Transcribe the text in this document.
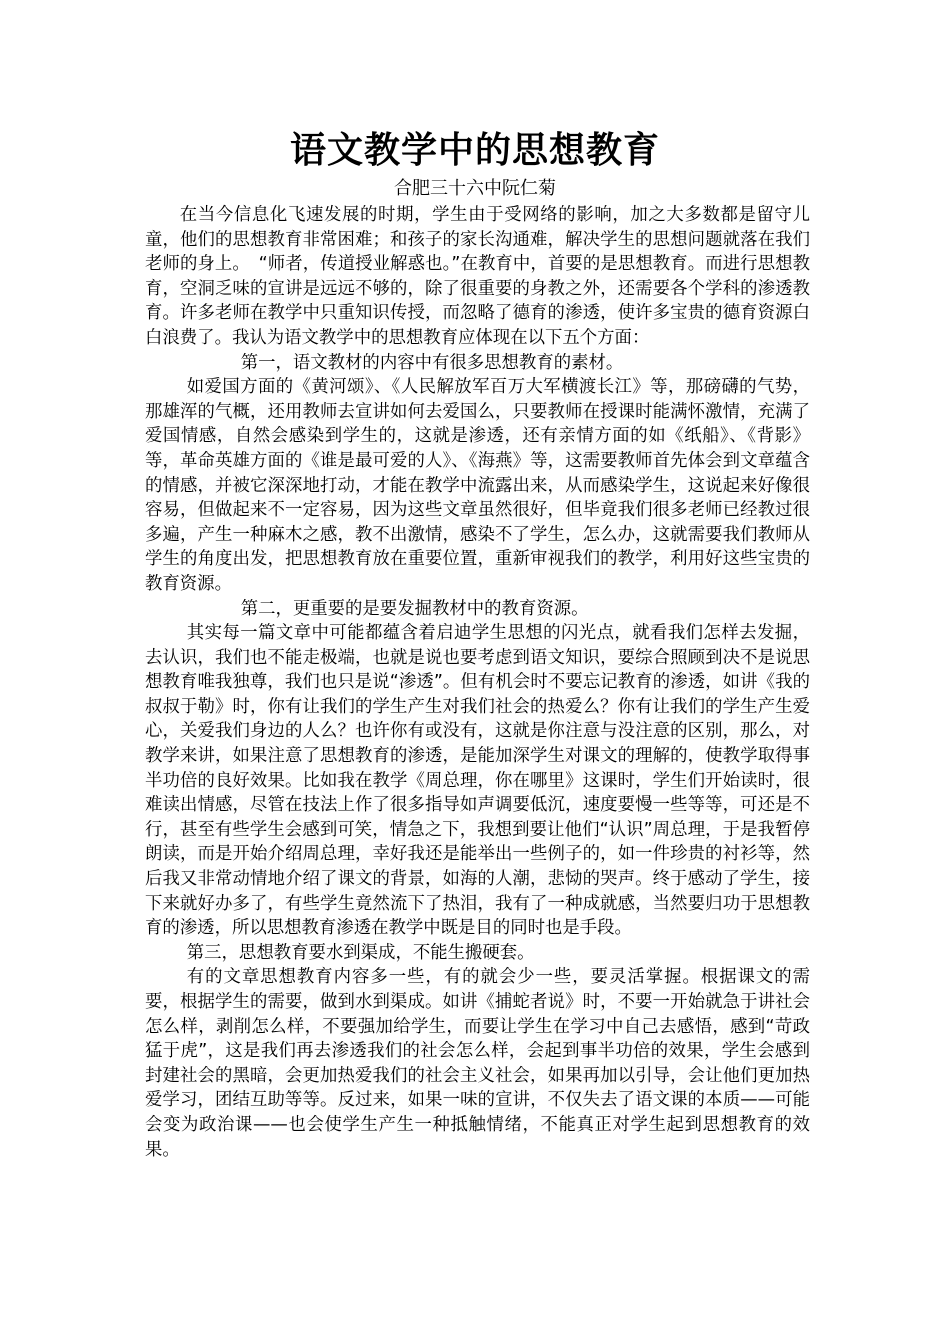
语文教学中的思想教育
合肥三十六中阮仁菊

在当今信息化飞速发展的时期，学生由于受网络的影响，加之大多数都是留守儿童，他们的思想教育非常困难；和孩子的家长沟通难，解决学生的思想问题就落在我们老师的身上。　“师者，传道授业解惑也。”在教育中，首要的是思想教育。而进行思想教育，空洞乏味的宣讲是远远不够的，除了很重要的身教之外，还需要各个学科的渗透教育。许多老师在教学中只重知识传授，而忽略了德育的渗透，使许多宝贵的德育资源白白浪费了。我认为语文教学中的思想教育应体现在以下五个方面：

第一，语文教材的内容中有很多思想教育的素材。

如爱国方面的《黄河颂》、《人民解放军百万大军横渡长江》等，那磅礴的气势，那雄浑的气概，还用教师去宣讲如何去爱国么，只要教师在授课时能满怀激情，充满了爱国情感，自然会感染到学生的，这就是渗透，还有亲情方面的如《纸船》、《背影》等，革命英雄方面的《谁是最可爱的人》、《海燕》等，这需要教师首先体会到文章蕴含的情感，并被它深深地打动，才能在教学中流露出来，从而感染学生，这说起来好像很容易，但做起来不一定容易，因为这些文章虽然很好，但毕竟我们很多老师已经教过很多遍，产生一种麻木之感，教不出激情，感染不了学生，怎么办，这就需要我们教师从学生的角度出发，把思想教育放在重要位置，重新审视我们的教学，利用好这些宝贵的教育资源。

第二，更重要的是要发掘教材中的教育资源。

其实每一篇文章中可能都蕴含着启迪学生思想的闪光点，就看我们怎样去发掘，去认识，我们也不能走极端，也就是说也要考虑到语文知识，要综合照顾到决不是说思想教育唯我独尊，我们也只是说“渗透”。但有机会时不要忘记教育的渗透，如讲《我的叔叔于勒》时，你有让我们的学生产生对我们社会的热爱么？你有让我们的学生产生爱心，关爱我们身边的人么？也许你有或没有，这就是你注意与没注意的区别，那么，对教学来讲，如果注意了思想教育的渗透，是能加深学生对课文的理解的，使教学取得事半功倍的良好效果。比如我在教学《周总理，你在哪里》这课时，学生们开始读时，很难读出情感，尽管在技法上作了很多指导如声调要低沉，速度要慢一些等等，可还是不行，甚至有些学生会感到可笑，情急之下，我想到要让他们“认识”周总理，于是我暂停朗读，而是开始介绍周总理，幸好我还是能举出一些例子的，如一件珍贵的衬衫等，然后我又非常动情地介绍了课文的背景，如海的人潮，悲恸的哭声。终于感动了学生，接下来就好办多了，有些学生竟然流下了热泪，我有了一种成就感，当然要归功于思想教育的渗透，所以思想教育渗透在教学中既是目的同时也是手段。

第三，思想教育要水到渠成，不能生搬硬套。

有的文章思想教育内容多一些，有的就会少一些，要灵活掌握。根据课文的需要，根据学生的需要，做到水到渠成。如讲《捕蛇者说》时，不要一开始就急于讲社会怎么样，剥削怎么样，不要强加给学生，而要让学生在学习中自己去感悟，感到“苛政猛于虎”，这是我们再去渗透我们的社会怎么样，会起到事半功倍的效果，学生会感到封建社会的黑暗，会更加热爱我们的社会主义社会，如果再加以引导，会让他们更加热爱学习，团结互助等等。反过来，如果一味的宣讲，不仅失去了语文课的本质——可能会变为政治课——也会使学生产生一种抵触情绪，不能真正对学生起到思想教育的效果。
